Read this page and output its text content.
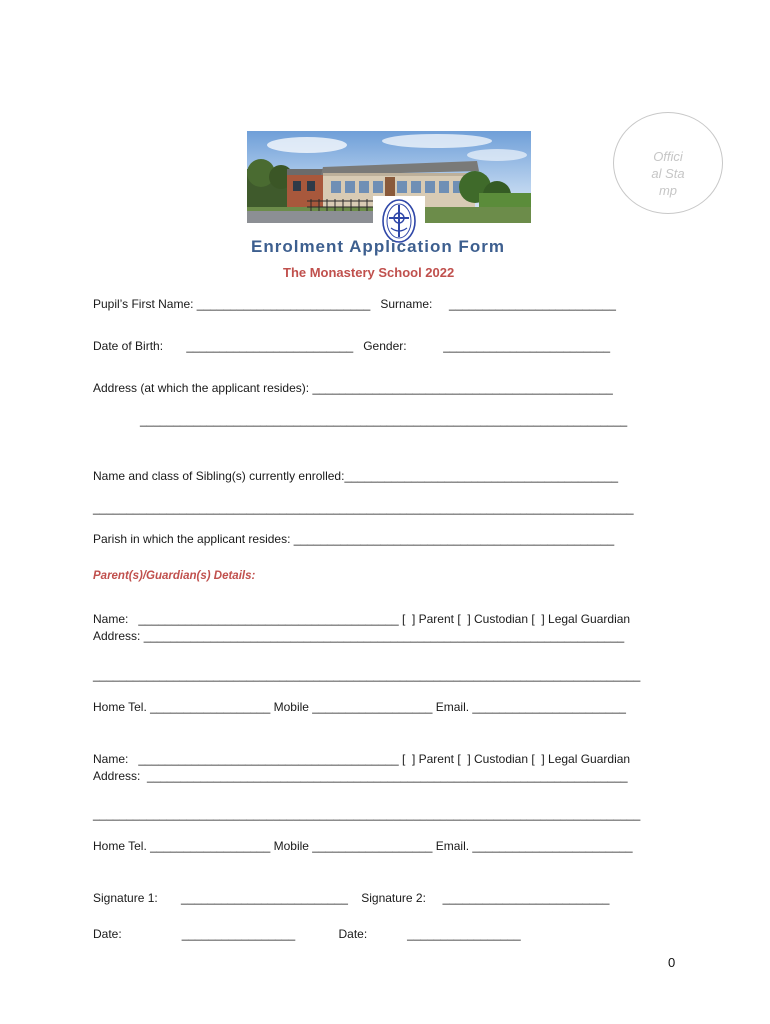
Official Stamp
Enrolment Application Form
The Monastery School 2022
Pupil’s First Name: __________________________   Surname:     _________________________
Date of Birth:       _________________________   Gender:           _________________________
Address (at which the applicant resides): _____________________________________________
_________________________________________________________________________
Name and class of Sibling(s) currently enrolled:_________________________________________
_________________________________________________________________________________
Parish in which the applicant resides: ________________________________________________
Parent(s)/Guardian(s) Details:
Name:   _______________________________________ [  ] Parent [  ] Custodian [  ] Legal Guardian
Address: ________________________________________________________________________
__________________________________________________________________________________
Home Tel. __________________ Mobile __________________ Email. _______________________
Name:   _______________________________________ [  ] Parent [  ] Custodian [  ] Legal Guardian
Address:  ________________________________________________________________________
__________________________________________________________________________________
Home Tel. __________________ Mobile __________________ Email. ________________________
Signature 1:       _________________________    Signature 2:     _________________________
Date:                  _________________             Date:            _________________
0
